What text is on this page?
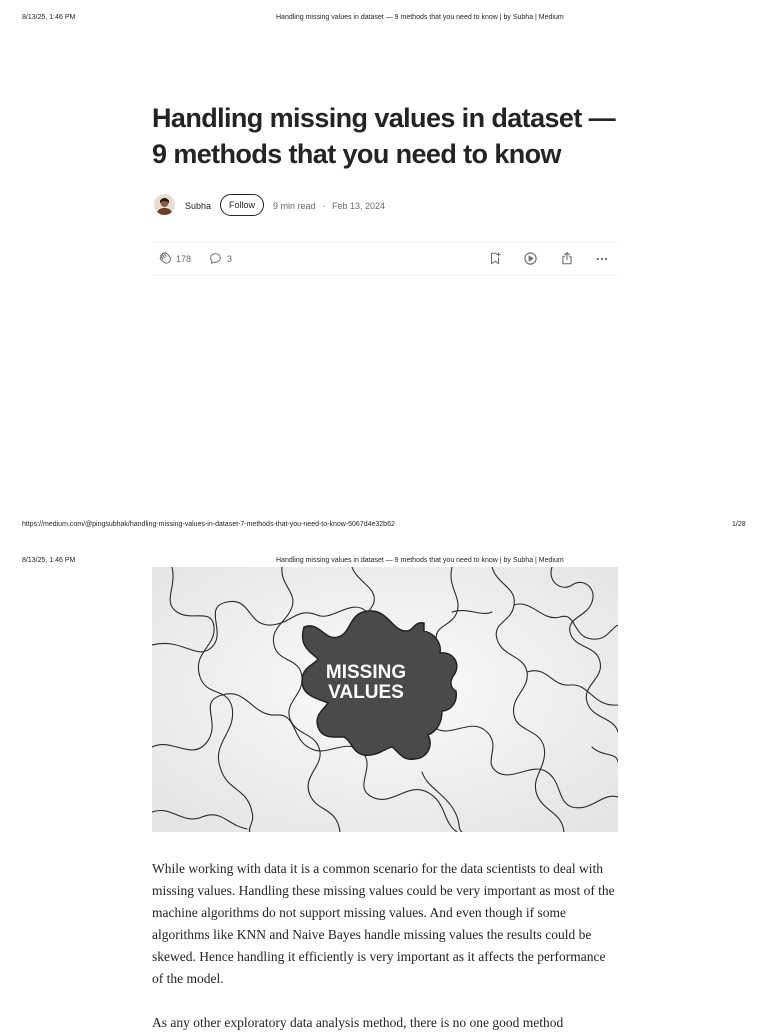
8/13/25, 1:46 PM	Handling missing values in dataset — 9 methods that you need to know | by Subha | Medium
Handling missing values in dataset — 9 methods that you need to know
Subha	Follow	9 min read · Feb 13, 2024
178	3
https://medium.com/@pingsubhak/handling-missing-values-in-dataset-7-methods-that-you-need-to-know-5067d4e32b62	1/28
8/13/25, 1:46 PM	Handling missing values in dataset — 9 methods that you need to know | by Subha | Medium
MISSING
VALUES

While working with data it is a common scenario for the data scientists to deal with missing values. Handling these missing values could be very important as most of the machine algorithms do not support missing values. And even though if some algorithms like KNN and Naive Bayes handle missing values the results could be skewed. Hence handling it efficiently is very important as it affects the performance of the model.

As any other exploratory data analysis method, there is no one good method
